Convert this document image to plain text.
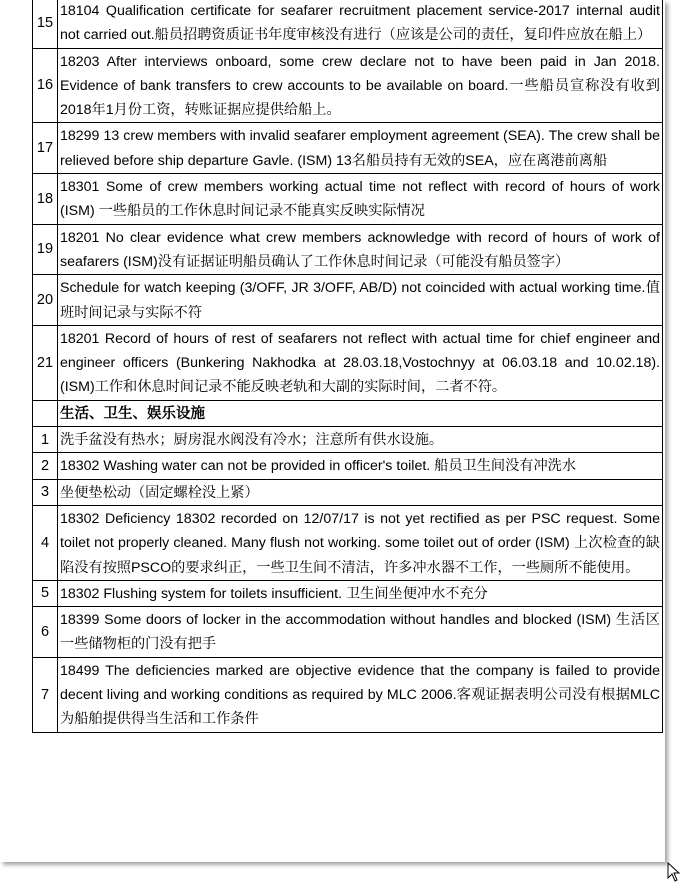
15	18104 Qualification certificate for seafarer recruitment placement service-2017 internal audit not carried out.船员招聘资质证书年度审核没有进行（应该是公司的责任，复印件应放在船上）
16	18203 After interviews onboard, some crew declare not to have been paid in Jan 2018. Evidence of bank transfers to crew accounts to be available on board.一些船员宣称没有收到2018年1月份工资，转账证据应提供给船上。
17	18299 13 crew members with invalid seafarer employment agreement (SEA). The crew shall be relieved before ship departure Gavle. (ISM) 13名船员持有无效的SEA，应在离港前离船
18	18301 Some of crew members working actual time not reflect with record of hours of work (ISM) 一些船员的工作休息时间记录不能真实反映实际情况
19	18201 No clear evidence what crew members acknowledge with record of hours of work of seafarers (ISM)没有证据证明船员确认了工作休息时间记录（可能没有船员签字）
20	Schedule for watch keeping (3/OFF, JR 3/OFF, AB/D) not coincided with actual working time.值班时间记录与实际不符
21	18201 Record of hours of rest of seafarers not reflect with actual time for chief engineer and engineer officers (Bunkering Nakhodka at 28.03.18,Vostochnyy at 06.03.18 and 10.02.18). (ISM)工作和休息时间记录不能反映老轨和大副的实际时间，二者不符。
	生活、卫生、娱乐设施
1	洗手盆没有热水；厨房混水阀没有冷水；注意所有供水设施。
2	18302 Washing water can not be provided in officer's toilet. 船员卫生间没有冲洗水
3	坐便垫松动（固定螺栓没上紧）
4	18302 Deficiency 18302 recorded on 12/07/17 is not yet rectified as per PSC request. Some toilet not properly cleaned. Many flush not working. some toilet out of order (ISM) 上次检查的缺陷没有按照PSCO的要求纠正，一些卫生间不清洁，许多冲水器不工作，一些厕所不能使用。
5	18302 Flushing system for toilets insufficient. 卫生间坐便冲水不充分
6	18399 Some doors of locker in the accommodation without handles and blocked (ISM) 生活区一些储物柜的门没有把手
7	18499 The deficiencies marked are objective evidence that the company is failed to provide decent living and working conditions as required by MLC 2006.客观证据表明公司没有根据MLC为船舶提供得当生活和工作条件
